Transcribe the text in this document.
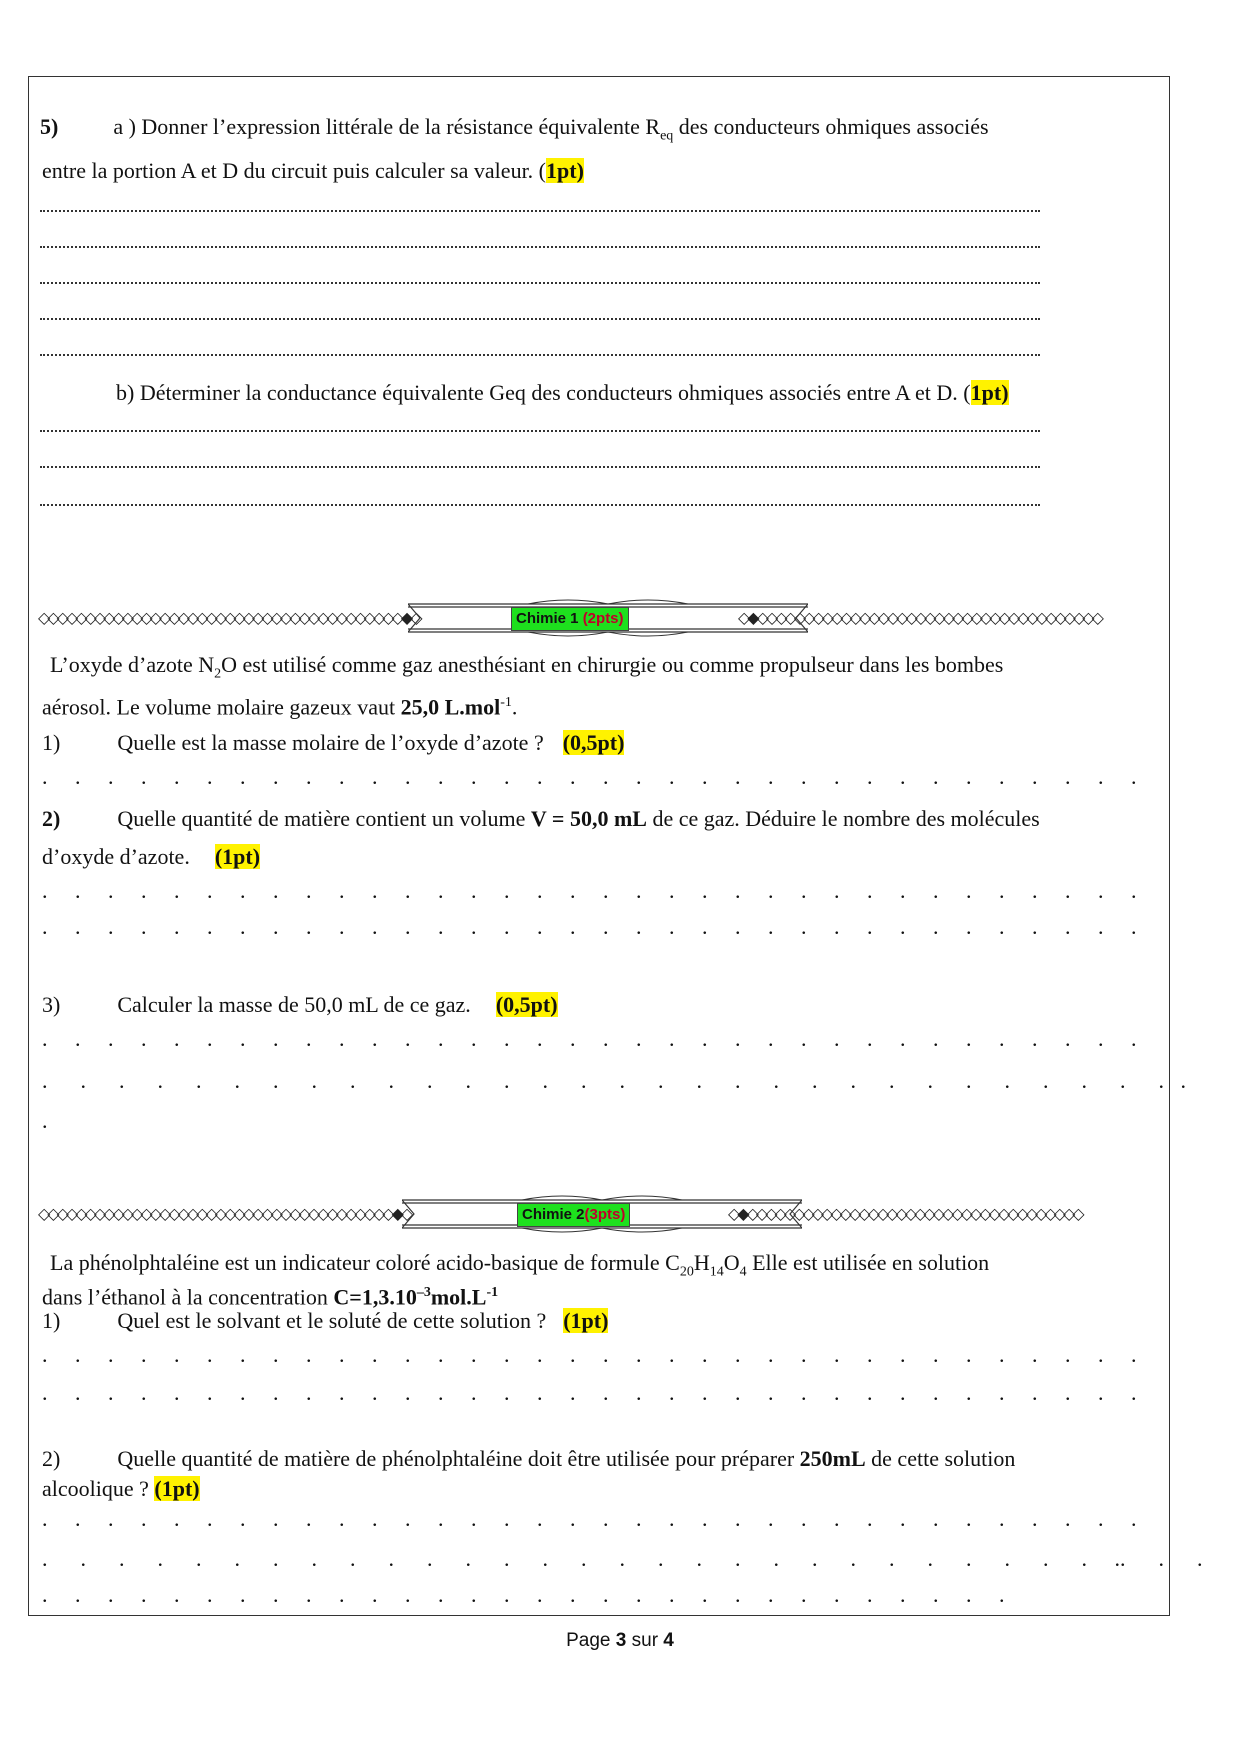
5)	a ) Donner l’expression littérale de la résistance équivalente $R_{eq}$ des conducteurs ohmiques associés
entre la portion A et D du circuit puis calculer sa valeur. (1pt)
b) Déterminer la conductance équivalente Geq des conducteurs ohmiques associés entre A et D. (1pt)
◇◇◇◇◇◇◇◇◇◇◇◇◇◇◇◇◇◇◇◇◇◇◇◇◇◇◇◇◇◇◇◇◇◇◇◇◇◇◇◆◇	◇◆◇◇◇◇◇◇◇◇◇◇◇◇◇◇◇◇◇◇◇◇◇◇◇◇◇◇◇◇◇◇◇◇◇◇◇◇◇
Chimie 1 (2pts)
L’oxyde d’azote $N_2O$ est utilisé comme gaz anesthésiant en chirurgie ou comme propulseur dans les bombes
aérosol. Le volume molaire gazeux vaut 25,0 L.mol$^{-1}$.
1)	Quelle est la masse molaire de l’oxyde d’azote ? (0,5pt)
.     .     .     .     .     .     .     .     .     .     .     .     .     .     .     .     .     .     .     .     .     .     .     .     .     .     .     .     .     .     .     .     .     .
2)	Quelle quantité de matière contient un volume V = 50,0 mL de ce gaz. Déduire le nombre des molécules
d’oxyde d’azote. (1pt)
.     .     .     .     .     .     .     .     .     .     .     .     .     .     .     .     .     .     .     .     .     .     .     .     .     .     .     .     .     .     .     .     .     .
.     .     .     .     .     .     .     .     .     .     .     .     .     .     .     .     .     .     .     .     .     .     .     .     .     .     .     .     .     .     .     .     .     .
3)	Calculer la masse de 50,0 mL de ce gaz. (0,5pt)
.     .     .     .     .     .     .     .     .     .     .     .     .     .     .     .     .     .     .     .     .     .     .     .     .     .     .     .     .     .     .     .     .     .
.      .      .      .      .      .      .      .      .      .      .      .      .      .      .      .      .      .      .      .      .      .      .      .      .      .      .      .      .      .   .
.
◇◇◇◇◇◇◇◇◇◇◇◇◇◇◇◇◇◇◇◇◇◇◇◇◇◇◇◇◇◇◇◇◇◇◇◇◇◇◆◇	◇◆◇◇◇◇◇◇◇◇◇◇◇◇◇◇◇◇◇◇◇◇◇◇◇◇◇◇◇◇◇◇◇◇◇◇◇◇
Chimie 2(3pts)
La phénolphtaléine est un indicateur coloré acido-basique de formule $C_{20}H_{14}O_4$ Elle est utilisée en solution
dans l’éthanol à la concentration $C=1,3.10^{-3}mol.L^{-1}$
1)	Quel est le solvant et le soluté de cette solution ? (1pt)
.     .     .     .     .     .     .     .     .     .     .     .     .     .     .     .     .     .     .     .     .     .     .     .     .     .     .     .     .     .     .     .     .     .
.     .     .     .     .     .     .     .     .     .     .     .     .     .     .     .     .     .     .     .     .     .     .     .     .     .     .     .     .     .     .     .     .     .
2)	Quelle quantité de matière de phénolphtaléine doit être utilisée pour préparer 250mL de cette solution
alcoolique ? (1pt)
.     .     .     .     .     .     .     .     .     .     .     .     .     .     .     .     .     .     .     .     .     .     .     .     .     .     .     .     .     .     .     .     .     .
.      .      .      .      .      .      .      .      .      .      .      .      .      .      .      .      .      .      .      .      .      .      .      .      .      .      .      .     ..      .      .
.     .     .     .     .     .     .     .     .     .     .     .     .     .     .     .     .     .     .     .     .     .     .     .     .     .     .     .     .     .
Page 3 sur 4
